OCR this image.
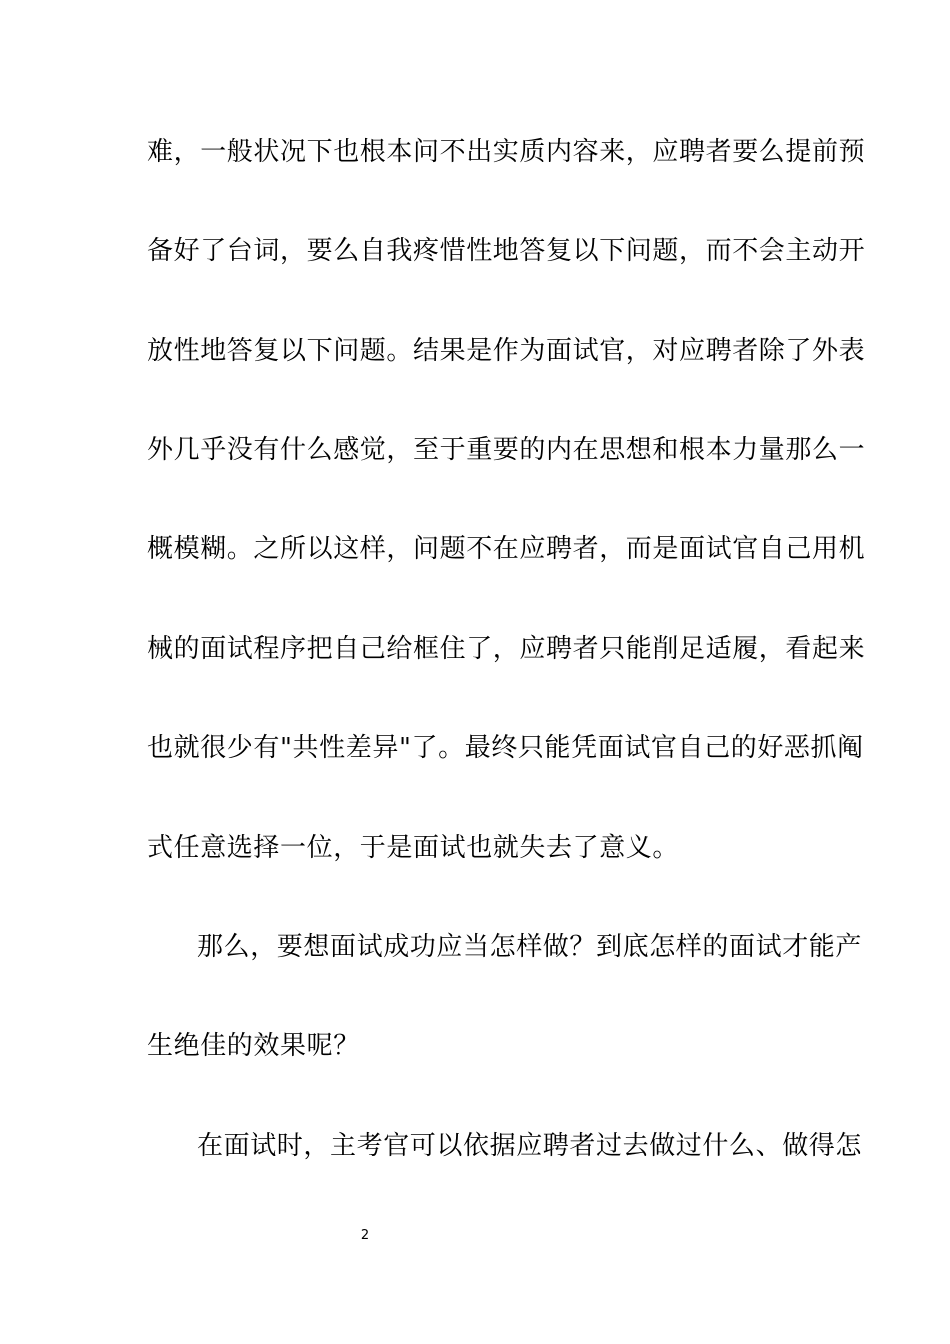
难，一般状况下也根本问不出实质内容来，应聘者要么提前预
备好了台词，要么自我疼惜性地答复以下问题，而不会主动开
放性地答复以下问题。结果是作为面试官，对应聘者除了外表
外几乎没有什么感觉，至于重要的内在思想和根本力量那么一
概模糊。之所以这样，问题不在应聘者，而是面试官自己用机
械的面试程序把自己给框住了，应聘者只能削足适履，看起来
也就很少有"共性差异"了。最终只能凭面试官自己的好恶抓阄
式任意选择一位，于是面试也就失去了意义。
那么，要想面试成功应当怎样做？到底怎样的面试才能产
生绝佳的效果呢？
在面试时，主考官可以依据应聘者过去做过什么、做得怎
2
